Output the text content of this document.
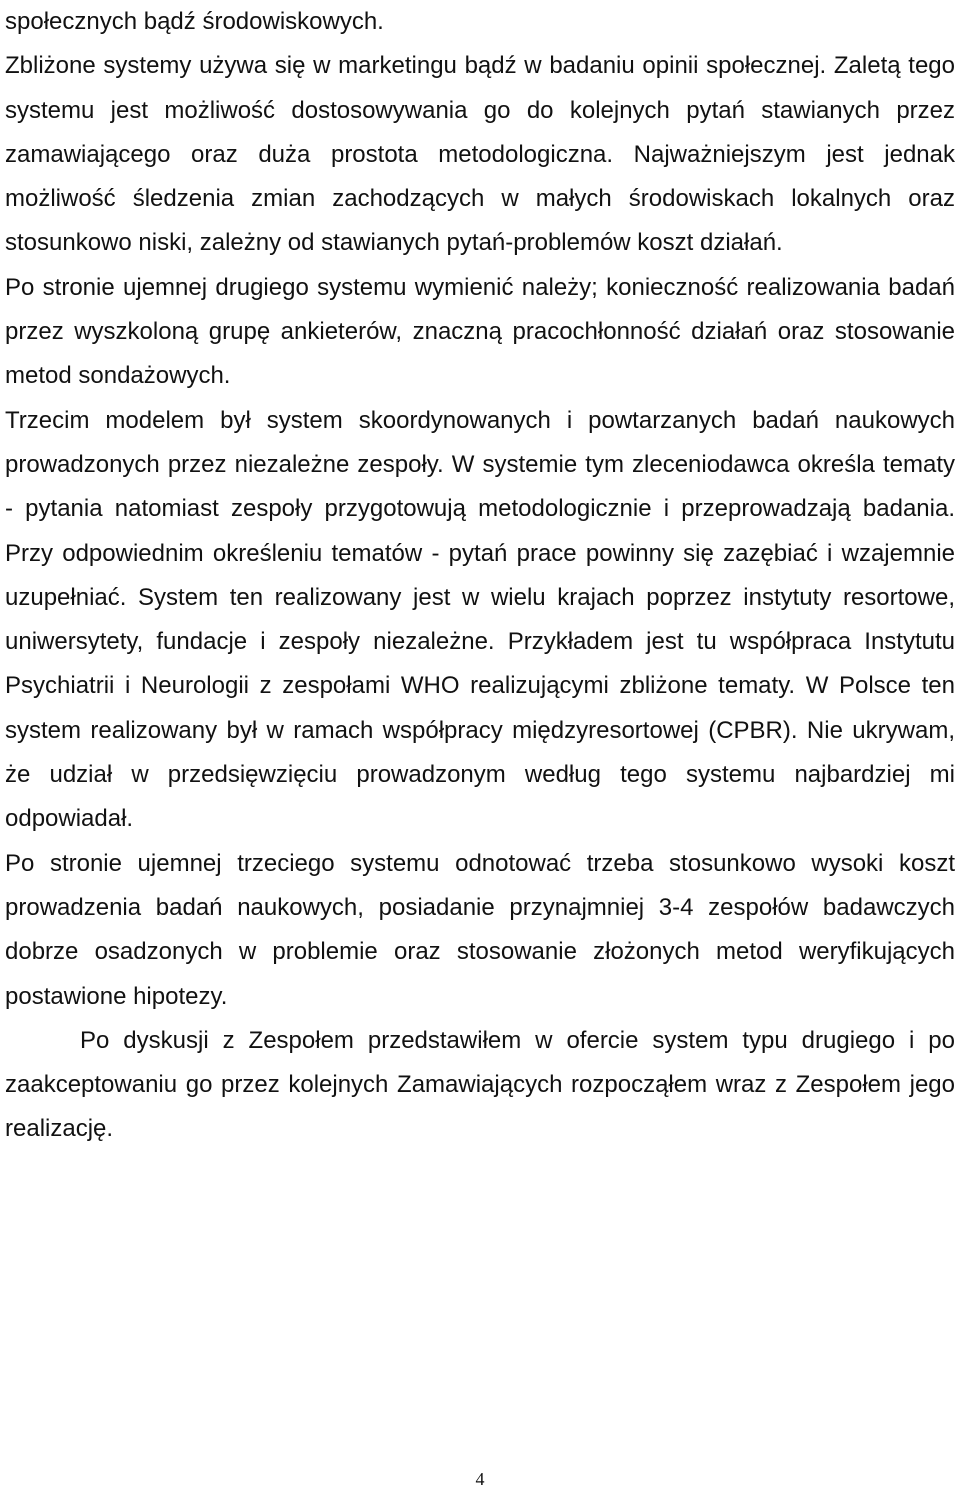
społecznych bądź środowiskowych.

Zbliżone systemy używa się w marketingu bądź w badaniu opinii społecznej. Zaletą tego systemu jest możliwość dostosowywania go do kolejnych pytań stawianych przez zamawiającego oraz duża prostota metodologiczna. Najważniejszym jest jednak możliwość śledzenia zmian zachodzących w małych środowiskach lokalnych oraz stosunkowo niski, zależny od stawianych pytań-problemów koszt działań.

Po stronie ujemnej drugiego systemu wymienić należy; konieczność realizowania badań przez wyszkoloną grupę ankieterów, znaczną pracochłonność działań oraz stosowanie metod sondażowych.

Trzecim modelem był system skoordynowanych i powtarzanych badań naukowych prowadzonych przez niezależne zespoły. W systemie tym zleceniodawca określa tematy - pytania natomiast zespoły przygotowują metodologicznie i przeprowadzają badania. Przy odpowiednim określeniu tematów - pytań prace powinny się zazębiać i wzajemnie uzupełniać. System ten realizowany jest w wielu krajach poprzez instytuty resortowe, uniwersytety, fundacje i zespoły niezależne. Przykładem jest tu współpraca Instytutu Psychiatrii i Neurologii z zespołami WHO realizującymi zbliżone tematy. W Polsce ten system realizowany był w ramach współpracy międzyresortowej (CPBR). Nie ukrywam, że udział w przedsięwzięciu prowadzonym według tego systemu najbardziej mi odpowiadał.

Po stronie ujemnej trzeciego systemu odnotować trzeba stosunkowo wysoki koszt prowadzenia badań naukowych, posiadanie przynajmniej 3-4 zespołów badawczych dobrze osadzonych w problemie oraz stosowanie złożonych metod weryfikujących postawione hipotezy.

Po dyskusji z Zespołem przedstawiłem w ofercie system typu drugiego i po zaakceptowaniu go przez kolejnych Zamawiających rozpocząłem wraz z Zespołem jego realizację.

4
